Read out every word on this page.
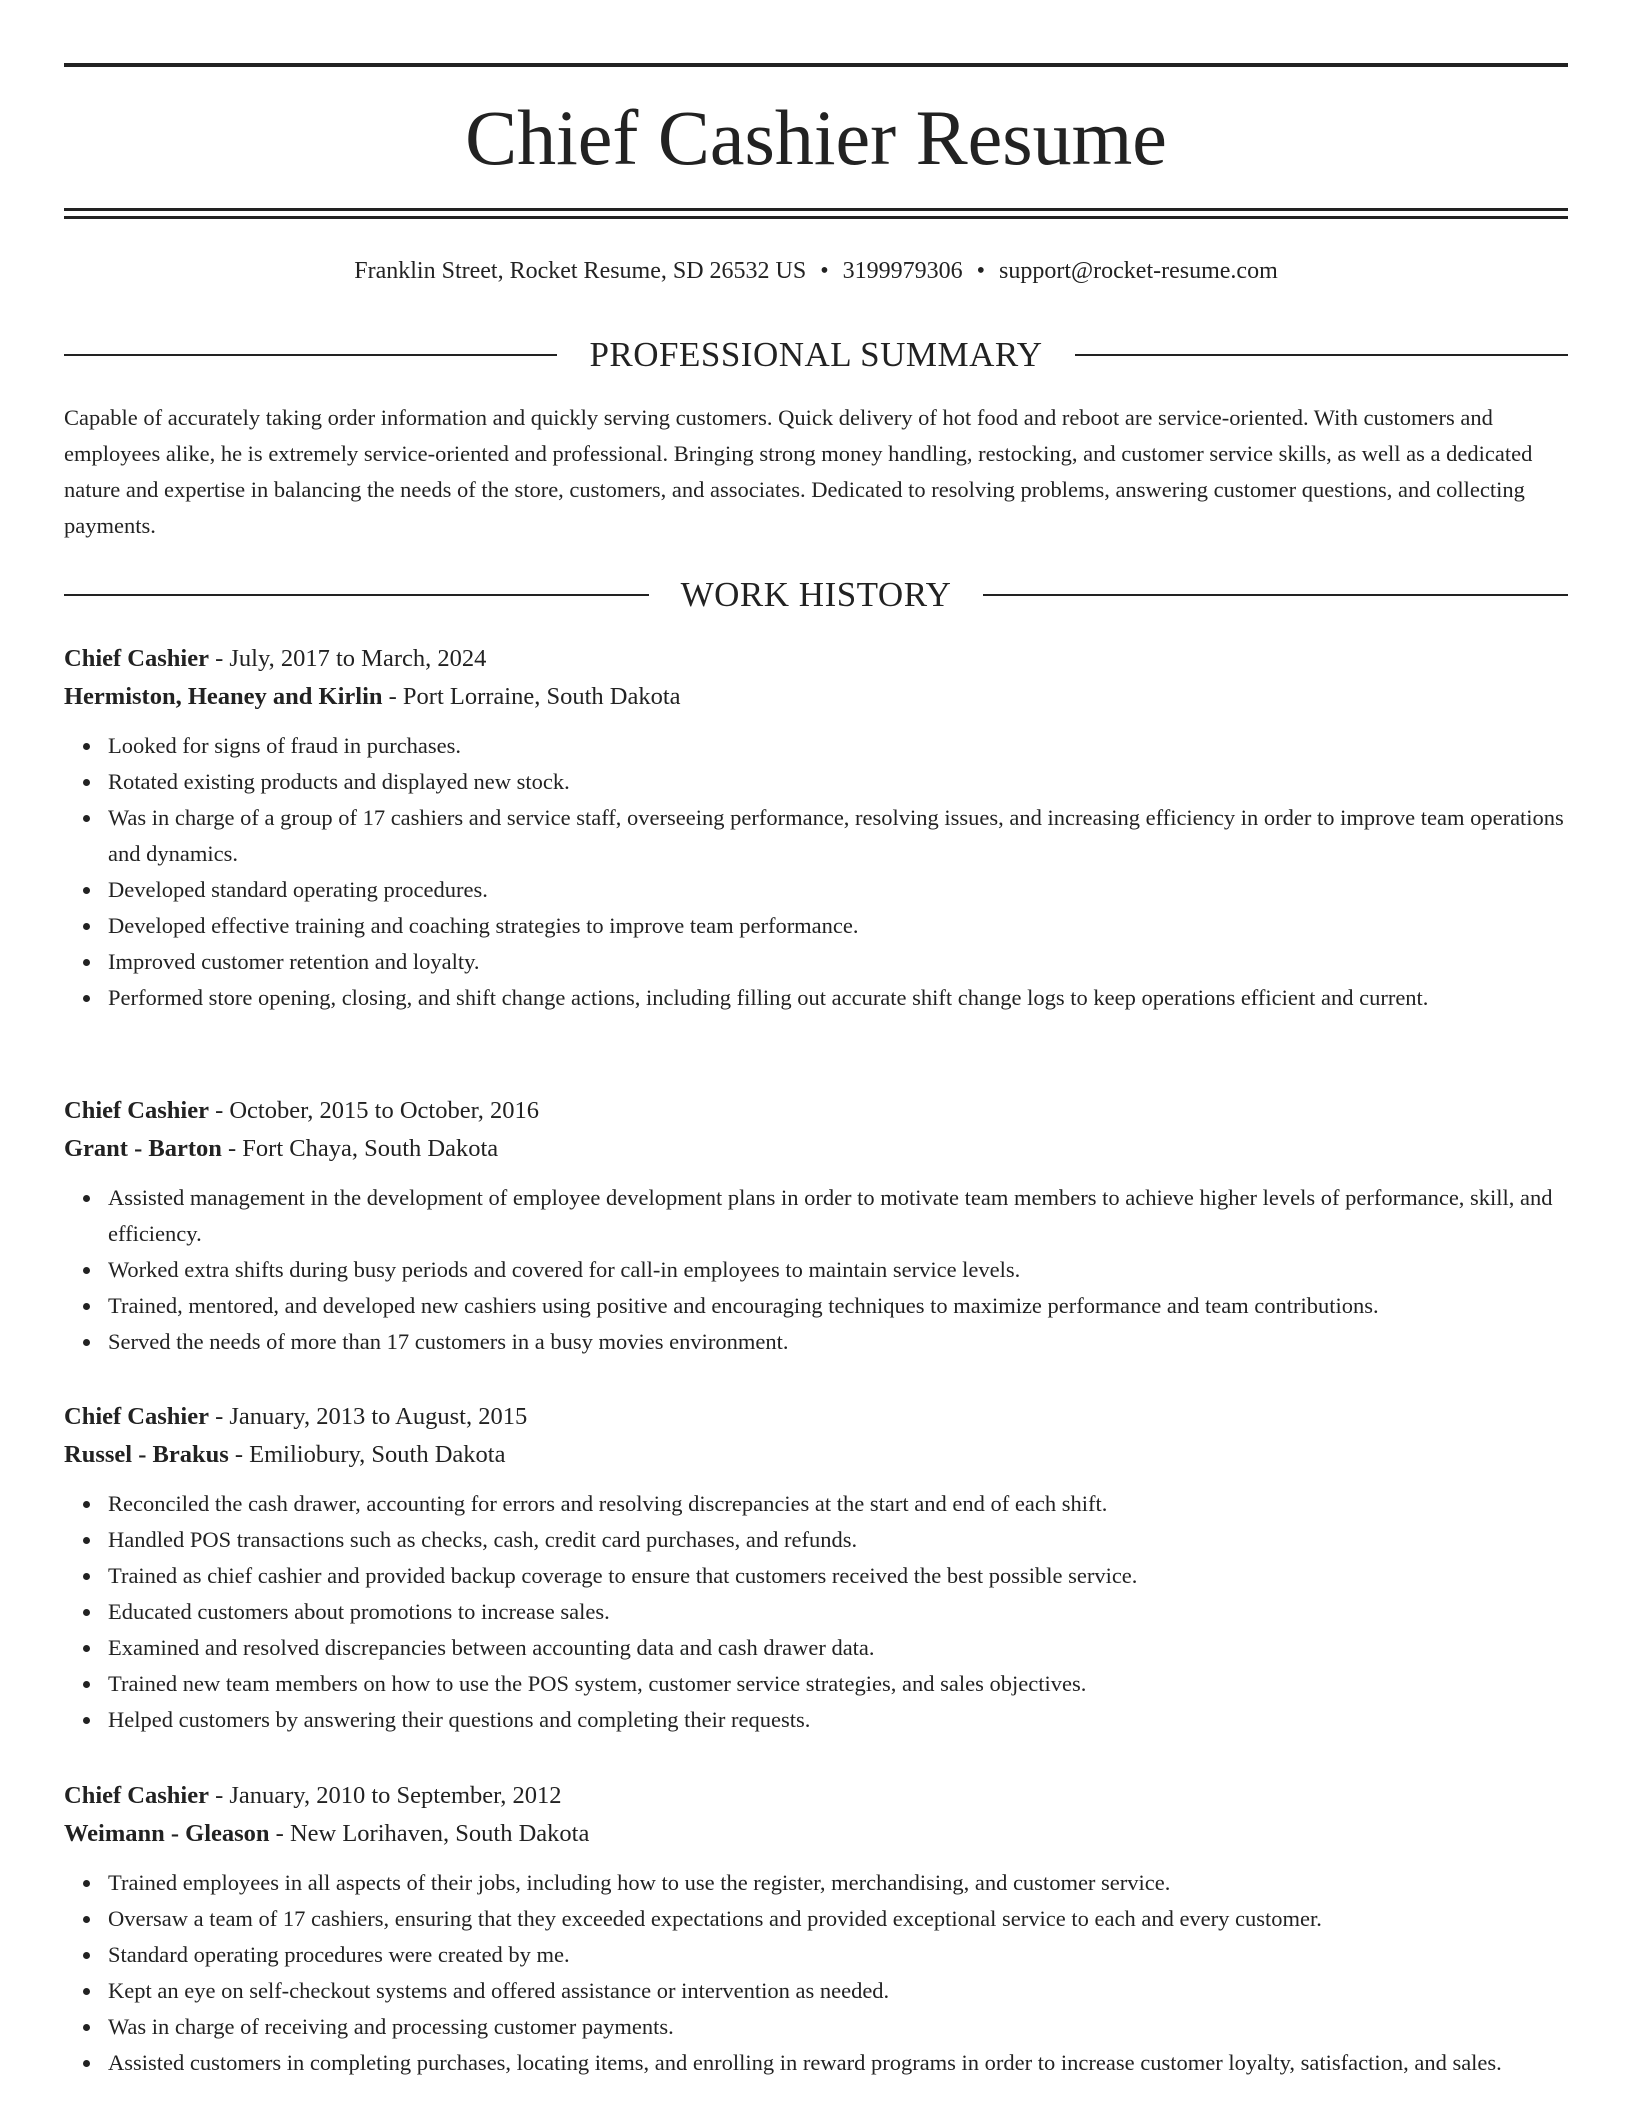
Chief Cashier Resume
Franklin Street, Rocket Resume, SD 26532 US • 3199979306 • support@rocket-resume.com
PROFESSIONAL SUMMARY

Capable of accurately taking order information and quickly serving customers. Quick delivery of hot food and reboot are service-oriented. With customers and employees alike, he is extremely service-oriented and professional. Bringing strong money handling, restocking, and customer service skills, as well as a dedicated nature and expertise in balancing the needs of the store, customers, and associates. Dedicated to resolving problems, answering customer questions, and collecting payments.

WORK HISTORY
Chief Cashier - July, 2017 to March, 2024
Hermiston, Heaney and Kirlin - Port Lorraine, South Dakota
Looked for signs of fraud in purchases.
Rotated existing products and displayed new stock.
Was in charge of a group of 17 cashiers and service staff, overseeing performance, resolving issues, and increasing efficiency in order to improve team operations and dynamics.
Developed standard operating procedures.
Developed effective training and coaching strategies to improve team performance.
Improved customer retention and loyalty.
Performed store opening, closing, and shift change actions, including filling out accurate shift change logs to keep operations efficient and current.
Chief Cashier - October, 2015 to October, 2016
Grant - Barton - Fort Chaya, South Dakota
Assisted management in the development of employee development plans in order to motivate team members to achieve higher levels of performance, skill, and efficiency.
Worked extra shifts during busy periods and covered for call-in employees to maintain service levels.
Trained, mentored, and developed new cashiers using positive and encouraging techniques to maximize performance and team contributions.
Served the needs of more than 17 customers in a busy movies environment.
Chief Cashier - January, 2013 to August, 2015
Russel - Brakus - Emiliobury, South Dakota
Reconciled the cash drawer, accounting for errors and resolving discrepancies at the start and end of each shift.
Handled POS transactions such as checks, cash, credit card purchases, and refunds.
Trained as chief cashier and provided backup coverage to ensure that customers received the best possible service.
Educated customers about promotions to increase sales.
Examined and resolved discrepancies between accounting data and cash drawer data.
Trained new team members on how to use the POS system, customer service strategies, and sales objectives.
Helped customers by answering their questions and completing their requests.
Chief Cashier - January, 2010 to September, 2012
Weimann - Gleason - New Lorihaven, South Dakota
Trained employees in all aspects of their jobs, including how to use the register, merchandising, and customer service.
Oversaw a team of 17 cashiers, ensuring that they exceeded expectations and provided exceptional service to each and every customer.
Standard operating procedures were created by me.
Kept an eye on self-checkout systems and offered assistance or intervention as needed.
Was in charge of receiving and processing customer payments.
Assisted customers in completing purchases, locating items, and enrolling in reward programs in order to increase customer loyalty, satisfaction, and sales.
